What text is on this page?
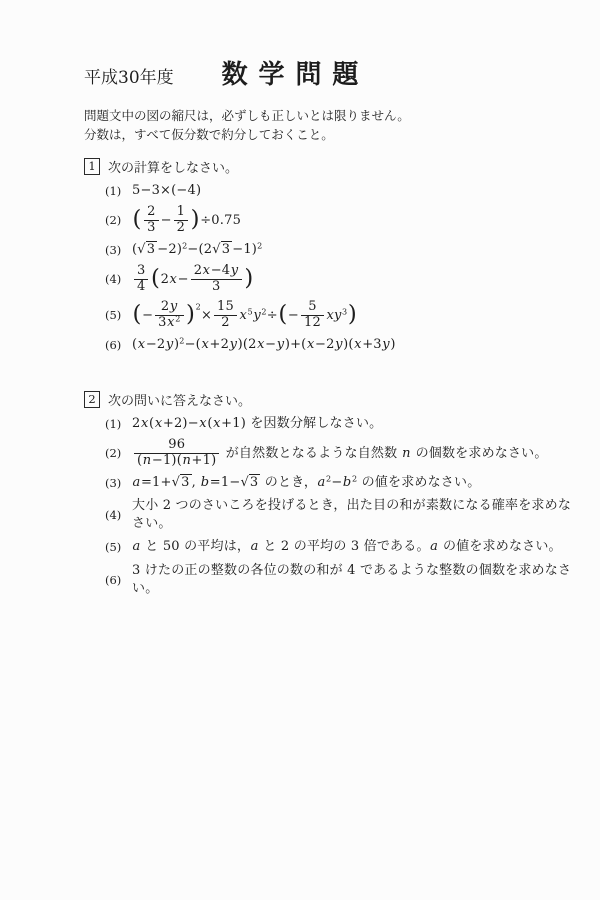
平成30年度 数学問題

問題文中の図の縮尺は，必ずしも正しいとは限りません。

分数は，すべて仮分数で約分しておくこと。

1 次の計算をしなさい。
(1) 5−3×(−4)
(2) ( $\frac{2}{3} - \frac{1}{2} )\div 0.75$
(3) $(√3 -2)^2-(2√3 -1)^2$
$(4) \frac{3}{4} (2x- \frac{2x-4y}{3}$ )
(5) (− $\frac{2y}{3x^2} )^2\times \frac{15}{2} x^5y^2\div(- \frac{5}{12} xy^3)$
(6) $(x-2y)^2-(x+2y)(2x-y)+(x-2y)(x+3y)$
2 次の問いに答えなさい。
(1) 2x(x+2)−x(x+1) を因数分解しなさい。
$(2) \frac{96}{(n-1)(n+1)}$ が自然数となるような自然数 n の個数を求めなさい。
(3) a=1+√3 , b=1−√3 のとき，$a^2-b^2$ の値を求めなさい。
(4)
大小 2 つのさいころを投げるとき，出た目の和が素数になる確率を求めなさい。
(5) a と 50 の平均は，a と 2 の平均の 3 倍である。a の値を求めなさい。
(6)
3 けたの正の整数の各位の数の和が 4 であるような整数の個数を求めなさい。
